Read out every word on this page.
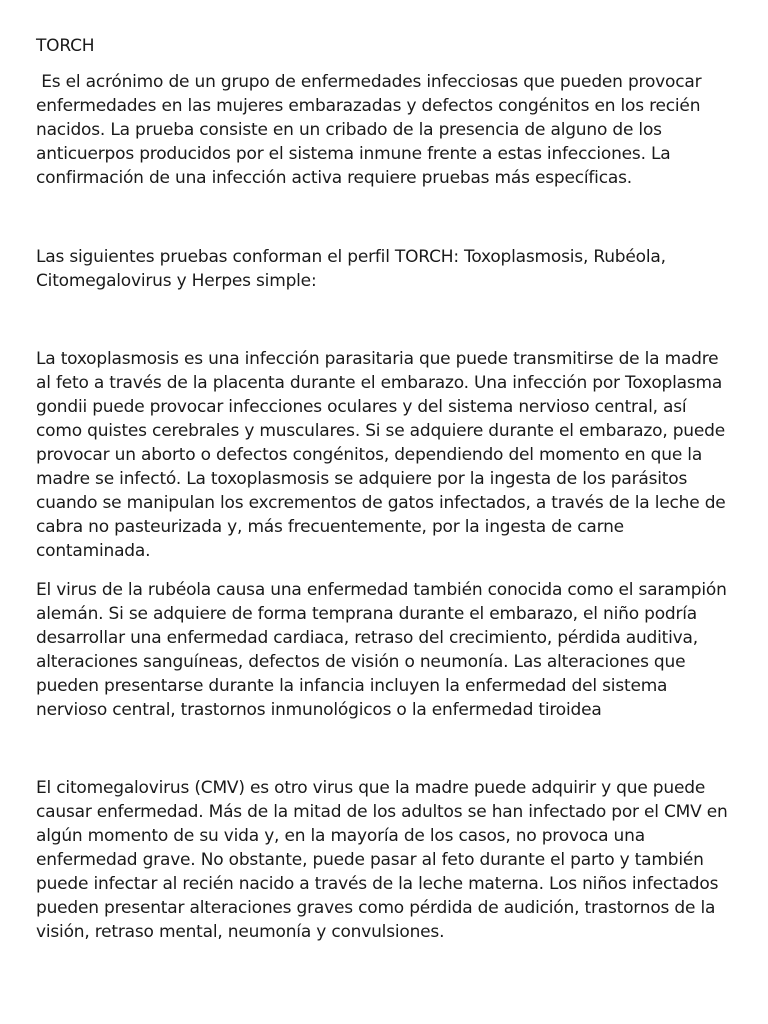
TORCH

Es el acrónimo de un grupo de enfermedades infecciosas que pueden provocar enfermedades en las mujeres embarazadas y defectos congénitos en los recién nacidos. La prueba consiste en un cribado de la presencia de alguno de los anticuerpos producidos por el sistema inmune frente a estas infecciones. La confirmación de una infección activa requiere pruebas más específicas.

Las siguientes pruebas conforman el perfil TORCH: Toxoplasmosis, Rubéola, Citomegalovirus y Herpes simple:

La toxoplasmosis es una infección parasitaria que puede transmitirse de la madre al feto a través de la placenta durante el embarazo. Una infección por Toxoplasma gondii puede provocar infecciones oculares y del sistema nervioso central, así como quistes cerebrales y musculares. Si se adquiere durante el embarazo, puede provocar un aborto o defectos congénitos, dependiendo del momento en que la madre se infectó. La toxoplasmosis se adquiere por la ingesta de los parásitos cuando se manipulan los excrementos de gatos infectados, a través de la leche de cabra no pasteurizada y, más frecuentemente, por la ingesta de carne contaminada.

El virus de la rubéola causa una enfermedad también conocida como el sarampión alemán. Si se adquiere de forma temprana durante el embarazo, el niño podría desarrollar una enfermedad cardiaca, retraso del crecimiento, pérdida auditiva, alteraciones sanguíneas, defectos de visión o neumonía. Las alteraciones que pueden presentarse durante la infancia incluyen la enfermedad del sistema nervioso central, trastornos inmunológicos o la enfermedad tiroidea

El citomegalovirus (CMV) es otro virus que la madre puede adquirir y que puede causar enfermedad. Más de la mitad de los adultos se han infectado por el CMV en algún momento de su vida y, en la mayoría de los casos, no provoca una enfermedad grave. No obstante, puede pasar al feto durante el parto y también puede infectar al recién nacido a través de la leche materna. Los niños infectados pueden presentar alteraciones graves como pérdida de audición, trastornos de la visión, retraso mental, neumonía y convulsiones.
